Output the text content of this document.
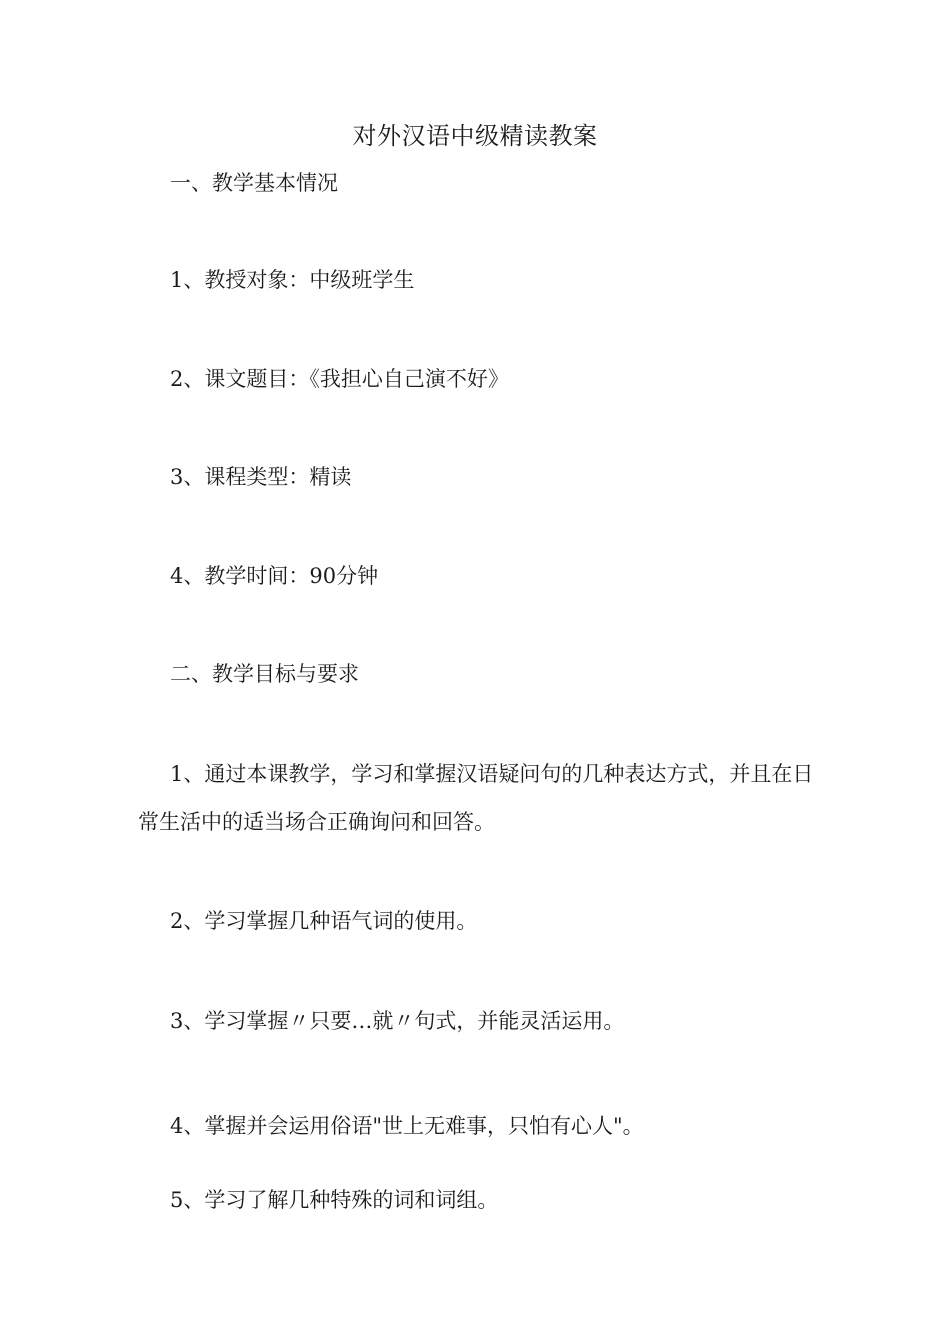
对外汉语中级精读教案
一、教学基本情况
1、教授对象：中级班学生
2、课文题目：《我担心自己演不好》
3、课程类型：精读
4、教学时间：90分钟
二、教学目标与要求
1、通过本课教学，学习和掌握汉语疑问句的几种表达方式，并且在日常生活中的适当场合正确询问和回答。
2、学习掌握几种语气词的使用。
3、学习掌握〃只要…就〃句式，并能灵活运用。
4、掌握并会运用俗语"世上无难事，只怕有心人"。
5、学习了解几种特殊的词和词组。
